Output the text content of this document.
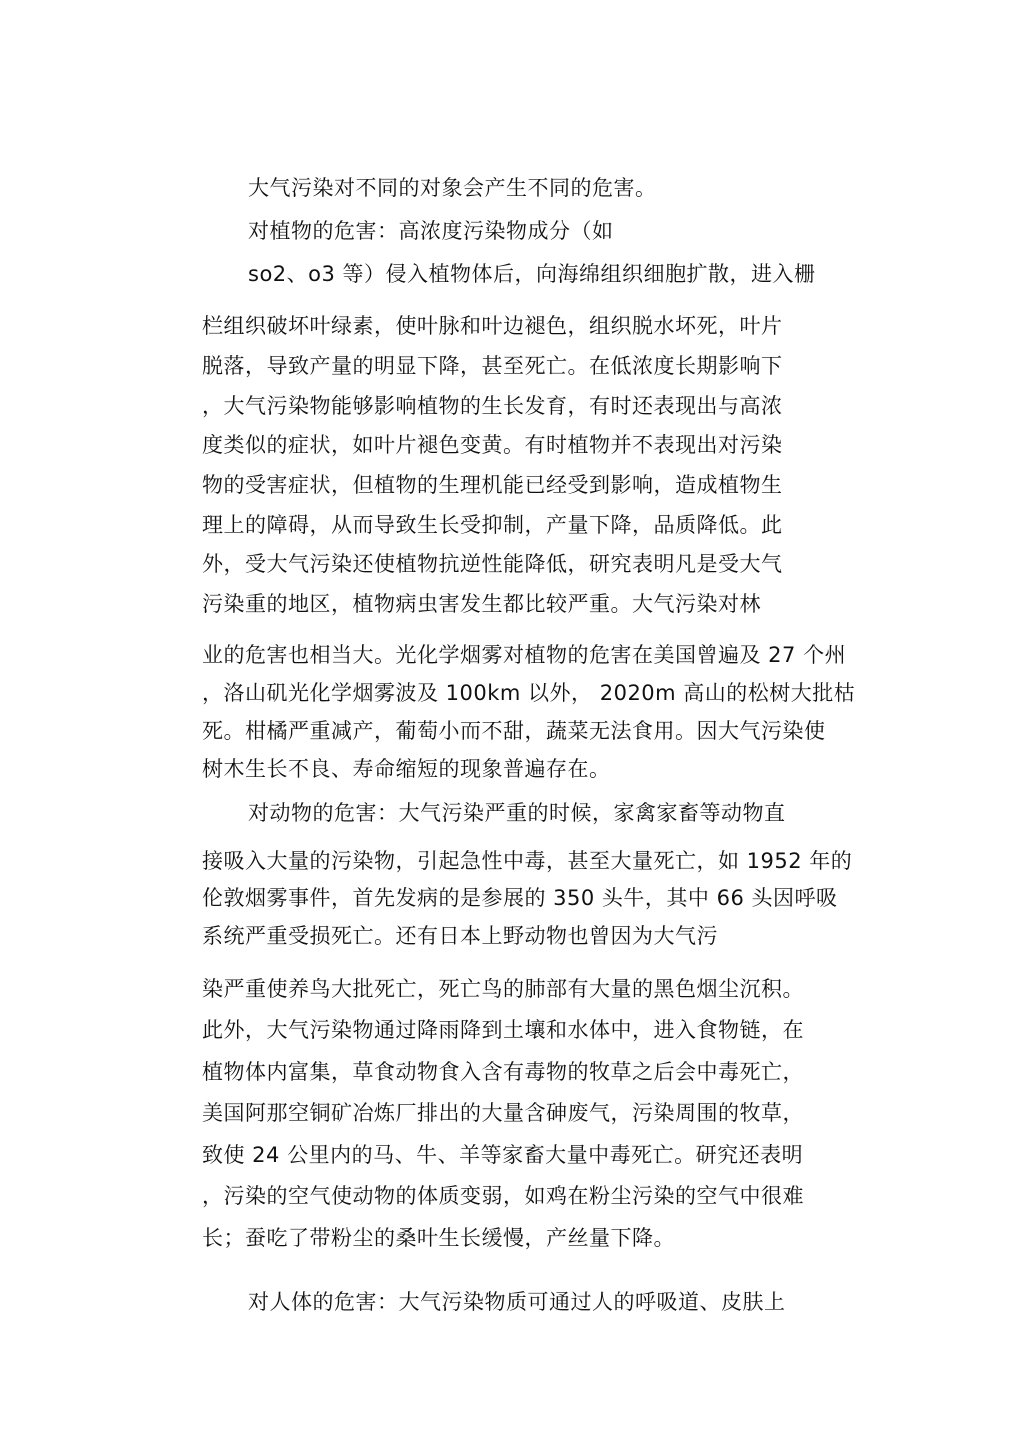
大气污染对不同的对象会产生不同的危害。
对植物的危害：高浓度污染物成分（如
so2、o3 等）侵入植物体后，向海绵组织细胞扩散，进入栅
栏组织破坏叶绿素，使叶脉和叶边褪色，组织脱水坏死，叶片
脱落，导致产量的明显下降，甚至死亡。在低浓度长期影响下
，大气污染物能够影响植物的生长发育，有时还表现出与高浓
度类似的症状，如叶片褪色变黄。有时植物并不表现出对污染
物的受害症状，但植物的生理机能已经受到影响，造成植物生
理上的障碍，从而导致生长受抑制，产量下降，品质降低。此
外，受大气污染还使植物抗逆性能降低，研究表明凡是受大气
污染重的地区，植物病虫害发生都比较严重。大气污染对林
业的危害也相当大。光化学烟雾对植物的危害在美国曾遍及 27 个州
，洛山矶光化学烟雾波及 100km 以外， 2020m 高山的松树大批枯
死。柑橘严重减产，葡萄小而不甜，蔬菜无法食用。因大气污染使
树木生长不良、寿命缩短的现象普遍存在。
对动物的危害：大气污染严重的时候，家禽家畜等动物直
接吸入大量的污染物，引起急性中毒，甚至大量死亡，如 1952 年的
伦敦烟雾事件，首先发病的是参展的 350 头牛，其中 66 头因呼吸
系统严重受损死亡。还有日本上野动物也曾因为大气污
染严重使养鸟大批死亡，死亡鸟的肺部有大量的黑色烟尘沉积。
此外，大气污染物通过降雨降到土壤和水体中，进入食物链，在
植物体内富集，草食动物食入含有毒物的牧草之后会中毒死亡，
美国阿那空铜矿冶炼厂排出的大量含砷废气，污染周围的牧草，
致使 24 公里内的马、牛、羊等家畜大量中毒死亡。研究还表明
，污染的空气使动物的体质变弱，如鸡在粉尘污染的空气中很难
长；蚕吃了带粉尘的桑叶生长缓慢，产丝量下降。
对人体的危害：大气污染物质可通过人的呼吸道、皮肤上
